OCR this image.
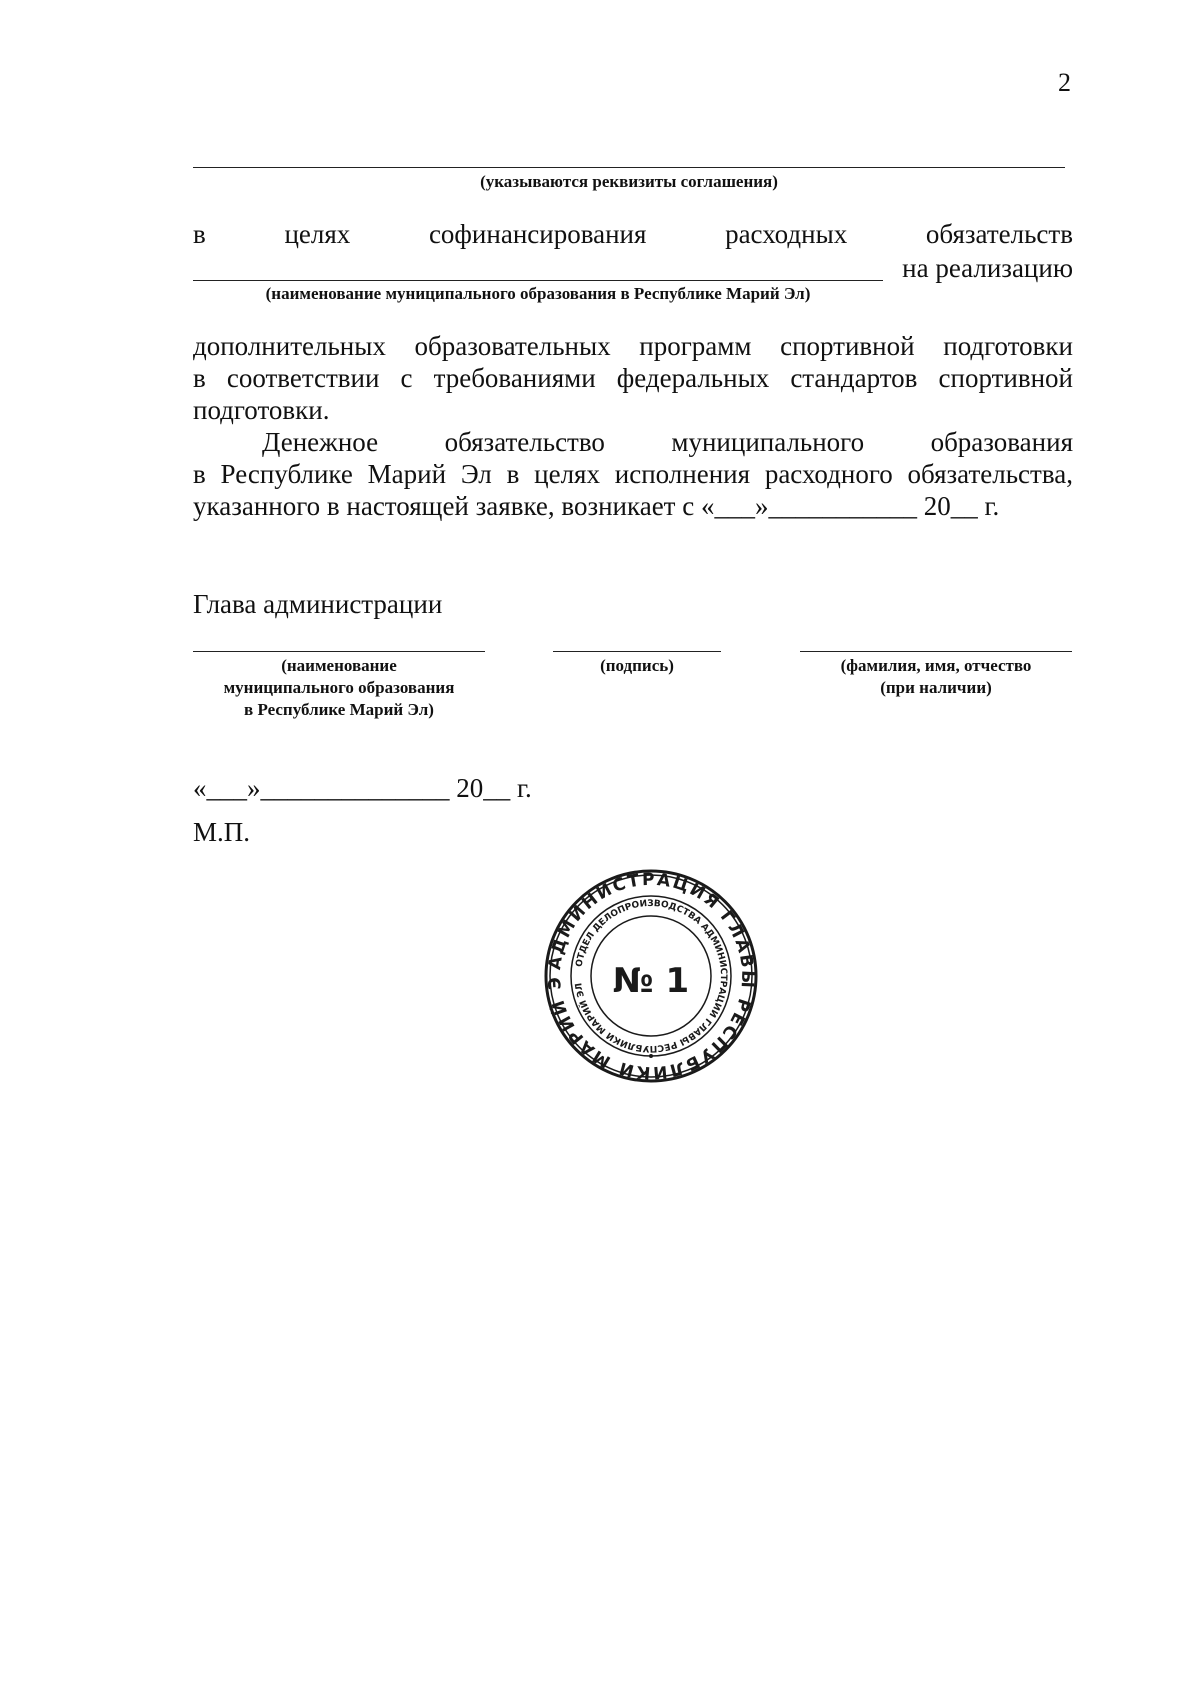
2
(указываются реквизиты соглашения)
в	целях	софинансирования	расходных	обязательств
на реализацию
(наименование муниципального образования в Республике Марий Эл)
дополнительных образовательных программ спортивной подготовки
в соответствии с требованиями федеральных стандартов спортивной
подготовки.
Денежное обязательство муниципального образования
в Республике Марий Эл в целях исполнения расходного обязательства,
указанного в настоящей заявке, возникает с «___»___________ 20__ г.
Глава администрации
(наименование
муниципального образования
в Республике Марий Эл)
(подпись)	(фамилия, имя, отчество
(при наличии)
«___»______________ 20__ г.
М.П.
АДМИНИСТРАЦИЯ ГЛАВЫ РЕСПУБЛИКИ МАРИЙ Э
ОТДЕЛ ДЕЛОПРОИЗВОДСТВА АДМИНИСТРАЦИИ ГЛАВЫ РЕСПУБЛИКИ МАРИЙ ЭЛ № 1
